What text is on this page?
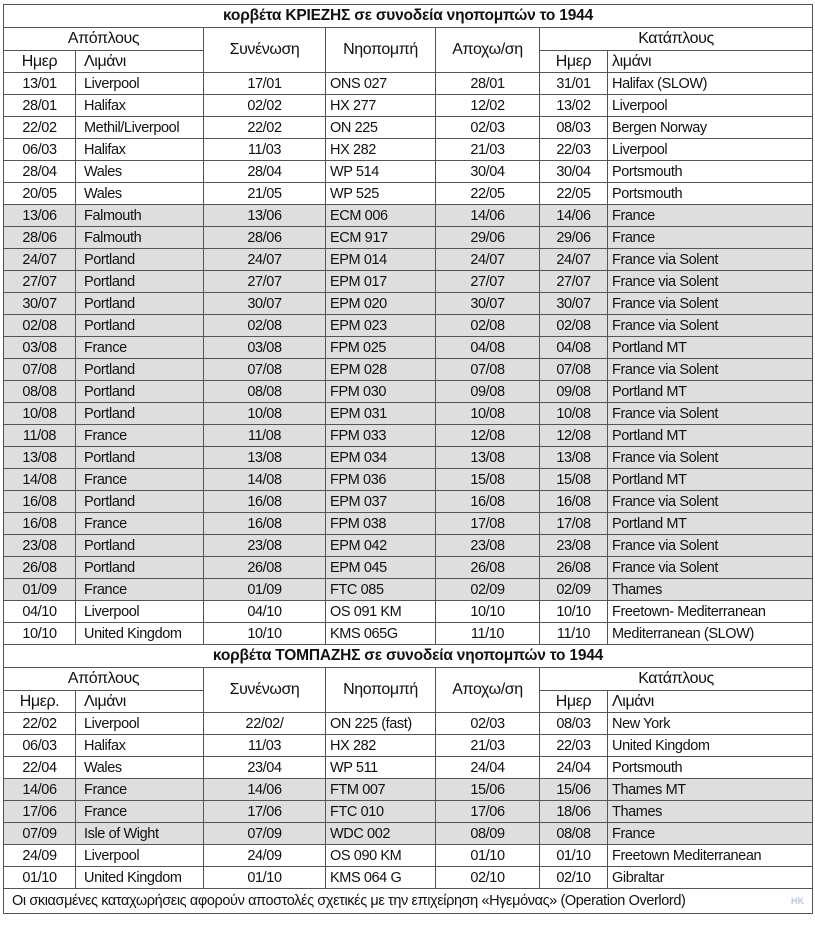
κορβέτα ΚΡΙΕΖΗΣ σε συνοδεία νηοπομπών το 1944						
Απόπλους		Συνένωση	Νηοπομπή	Αποχω/ση	Κατάπλους	
Ημερ	Λιμάνι				Ημερ	λιμάνι
13/01	Liverpool	17/01	ONS 027	28/01	31/01	Halifax (SLOW)
28/01	Halifax	02/02	HX 277	12/02	13/02	Liverpool
22/02	Methil/Liverpool	22/02	ON 225	02/03	08/03	Bergen Norway
06/03	Halifax	11/03	HX 282	21/03	22/03	Liverpool
28/04	Wales	28/04	WP 514	30/04	30/04	Portsmouth
20/05	Wales	21/05	WP 525	22/05	22/05	Portsmouth
13/06	Falmouth	13/06	ECM 006	14/06	14/06	France
28/06	Falmouth	28/06	ECM 917	29/06	29/06	France
24/07	Portland	24/07	EPM 014	24/07	24/07	France via Solent
27/07	Portland	27/07	EPM 017	27/07	27/07	France via Solent
30/07	Portland	30/07	EPM 020	30/07	30/07	France via Solent
02/08	Portland	02/08	EPM 023	02/08	02/08	France via Solent
03/08	France	03/08	FPM 025	04/08	04/08	Portland MT
07/08	Portland	07/08	EPM 028	07/08	07/08	France via Solent
08/08	Portland	08/08	FPM 030	09/08	09/08	Portland MT
10/08	Portland	10/08	EPM 031	10/08	10/08	France via Solent
11/08	France	11/08	FPM 033	12/08	12/08	Portland MT
13/08	Portland	13/08	EPM 034	13/08	13/08	France via Solent
14/08	France	14/08	FPM 036	15/08	15/08	Portland MT
16/08	Portland	16/08	EPM 037	16/08	16/08	France via Solent
16/08	France	16/08	FPM 038	17/08	17/08	Portland MT
23/08	Portland	23/08	EPM 042	23/08	23/08	France via Solent
26/08	Portland	26/08	EPM 045	26/08	26/08	France via Solent
01/09	France	01/09	FTC 085	02/09	02/09	Thames
04/10	Liverpool	04/10	OS 091 KM	10/10	10/10	Freetown- Mediterranean
10/10	United Kingdom	10/10	KMS 065G	11/10	11/10	Mediterranean (SLOW)
κορβέτα ΤΟΜΠΑΖΗΣ σε συνοδεία νηοπομπών το 1944						
Απόπλους		Συνένωση	Νηοπομπή	Αποχω/ση	Κατάπλους	
Ημερ.	Λιμάνι				Ημερ	Λιμάνι
22/02	Liverpool	22/02/	ON 225 (fast)	02/03	08/03	New York
06/03	Halifax	11/03	HX 282	21/03	22/03	United Kingdom
22/04	Wales	23/04	WP 511	24/04	24/04	Portsmouth
14/06	France	14/06	FTM 007	15/06	15/06	Thames MT
17/06	France	17/06	FTC 010	17/06	18/06	Thames
07/09	Isle of Wight	07/09	WDC 002	08/09	08/08	France
24/09	Liverpool	24/09	OS 090 KM	01/10	01/10	Freetown Mediterranean
01/10	United Kingdom	01/10	KMS 064 G	02/10	02/10	Gibraltar
Οι σκιασμένες καταχωρήσεις αφορούν αποστολές σχετικές με την επιχείρηση «Ηγεμόνας» (Operation Overlord) HK						
